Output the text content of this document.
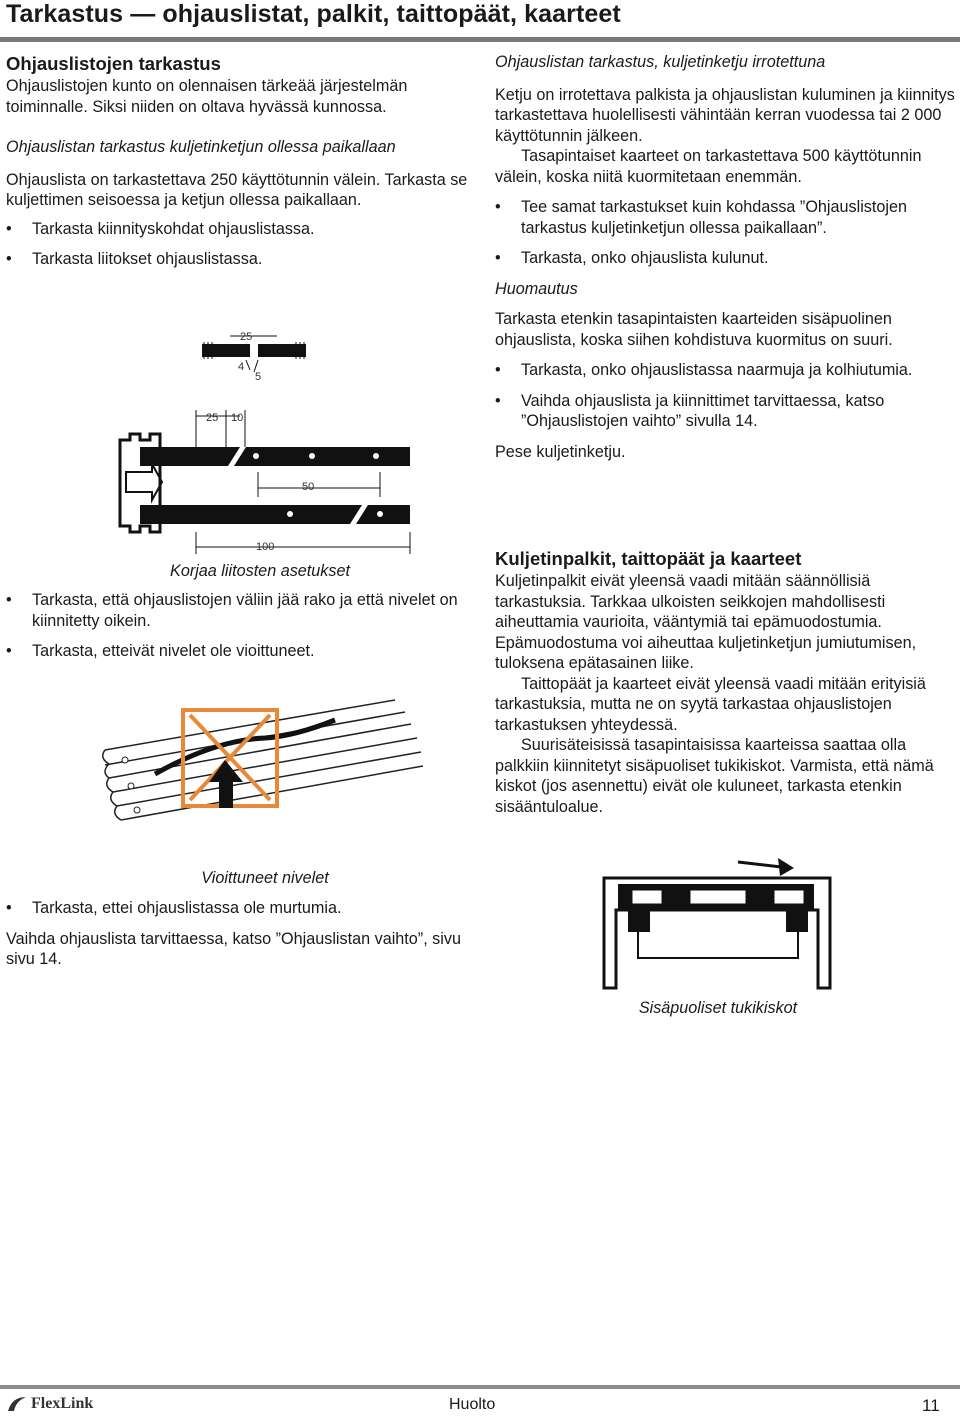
Tarkastus — ohjauslistat, palkit, taittopäät, kaarteet

Ohjauslistojen tarkastus

Ohjauslistojen kunto on olennaisen tärkeää järjestelmän toiminnalle. Siksi niiden on oltava hyvässä kunnossa.

Ohjauslistan tarkastus kuljetinketjun ollessa paikallaan

Ohjauslista on tarkastettava 250 käyttötunnin välein. Tarkasta se kuljettimen seisoessa ja ketjun ollessa paikallaan.

• Tarkasta kiinnityskohdat ohjauslistassa.
• Tarkasta liitokset ohjauslistassa.
25
4
5
25 10
50
100
Korjaa liitosten asetukset
• Tarkasta, että ohjauslistojen väliin jää rako ja että nivelet on kiinnitetty oikein.
• Tarkasta, etteivät nivelet ole vioittuneet.
Vioittuneet nivelet
• Tarkasta, ettei ohjauslistassa ole murtumia.

Vaihda ohjauslista tarvittaessa, katso ”Ohjauslistan vaihto”, sivu sivu 14.

Ohjauslistan tarkastus, kuljetinketju irrotettuna

Ketju on irrotettava palkista ja ohjauslistan kuluminen ja kiinnitys tarkastettava huolellisesti vähintään kerran vuodessa tai 2 000 käyttötunnin jälkeen.

Tasapintaiset kaarteet on tarkastettava 500 käyttötunnin välein, koska niitä kuormitetaan enemmän.

• Tee samat tarkastukset kuin kohdassa ”Ohjauslistojen tarkastus kuljetinketjun ollessa paikallaan”.
• Tarkasta, onko ohjauslista kulunut.

Huomautus

Tarkasta etenkin tasapintaisten kaarteiden sisäpuolinen ohjauslista, koska siihen kohdistuva kuormitus on suuri.

• Tarkasta, onko ohjauslistassa naarmuja ja kolhiutumia.
• Vaihda ohjauslista ja kiinnittimet tarvittaessa, katso ”Ohjauslistojen vaihto” sivulla 14.

Pese kuljetinketju.

Kuljetinpalkit, taittopäät ja kaarteet

Kuljetinpalkit eivät yleensä vaadi mitään säännöllisiä tarkastuksia. Tarkkaa ulkoisten seikkojen mahdollisesti aiheuttamia vaurioita, vääntymiä tai epämuodostumia. Epämuodostuma voi aiheuttaa kuljetinketjun jumiutumisen, tuloksena epätasainen liike.

Taittopäät ja kaarteet eivät yleensä vaadi mitään erityisiä tarkastuksia, mutta ne on syytä tarkastaa ohjauslistojen tarkastuksen yhteydessä.

Suurisäteisissä tasapintaisissa kaarteissa saattaa olla palkkiin kiinnitetyt sisäpuoliset tukikiskot. Varmista, että nämä kiskot (jos asennettu) eivät ole kuluneet, tarkasta etenkin sisääntuloalue.

Sisäpuoliset tukikiskot
FlexLink	Huolto	11
